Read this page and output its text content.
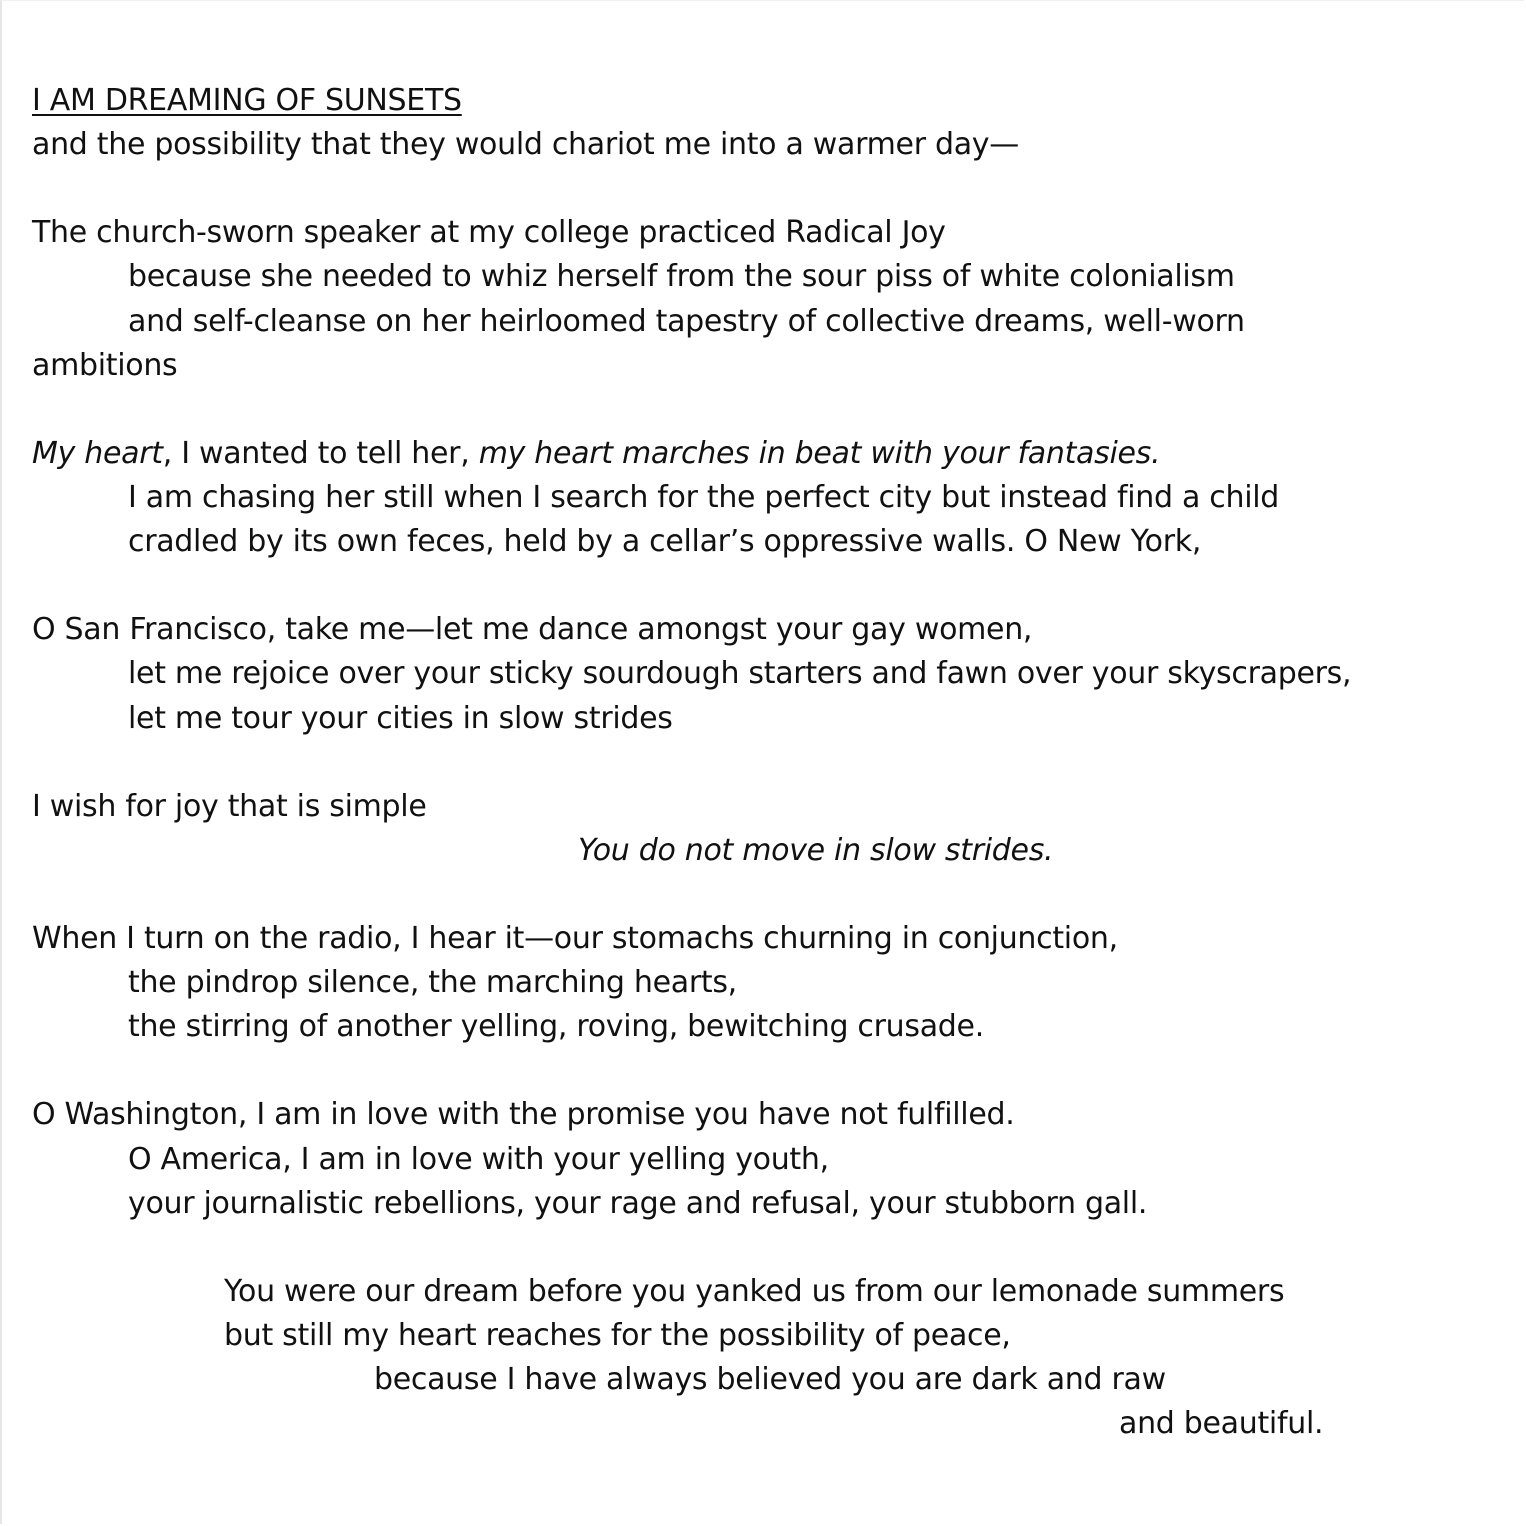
I AM DREAMING OF SUNSETS
and the possibility that they would chariot me into a warmer day—
The church-sworn speaker at my college practiced Radical Joy
because she needed to whiz herself from the sour piss of white colonialism
and self-cleanse on her heirloomed tapestry of collective dreams, well-worn
ambitions
My heart, I wanted to tell her, my heart marches in beat with your fantasies.
I am chasing her still when I search for the perfect city but instead find a child
cradled by its own feces, held by a cellar’s oppressive walls. O New York,
O San Francisco, take me—let me dance amongst your gay women,
let me rejoice over your sticky sourdough starters and fawn over your skyscrapers,
let me tour your cities in slow strides
I wish for joy that is simple
You do not move in slow strides.
When I turn on the radio, I hear it—our stomachs churning in conjunction,
the pindrop silence, the marching hearts,
the stirring of another yelling, roving, bewitching crusade.
O Washington, I am in love with the promise you have not fulfilled.
O America, I am in love with your yelling youth,
your journalistic rebellions, your rage and refusal, your stubborn gall.
You were our dream before you yanked us from our lemonade summers
but still my heart reaches for the possibility of peace,
because I have always believed you are dark and raw
and beautiful.
